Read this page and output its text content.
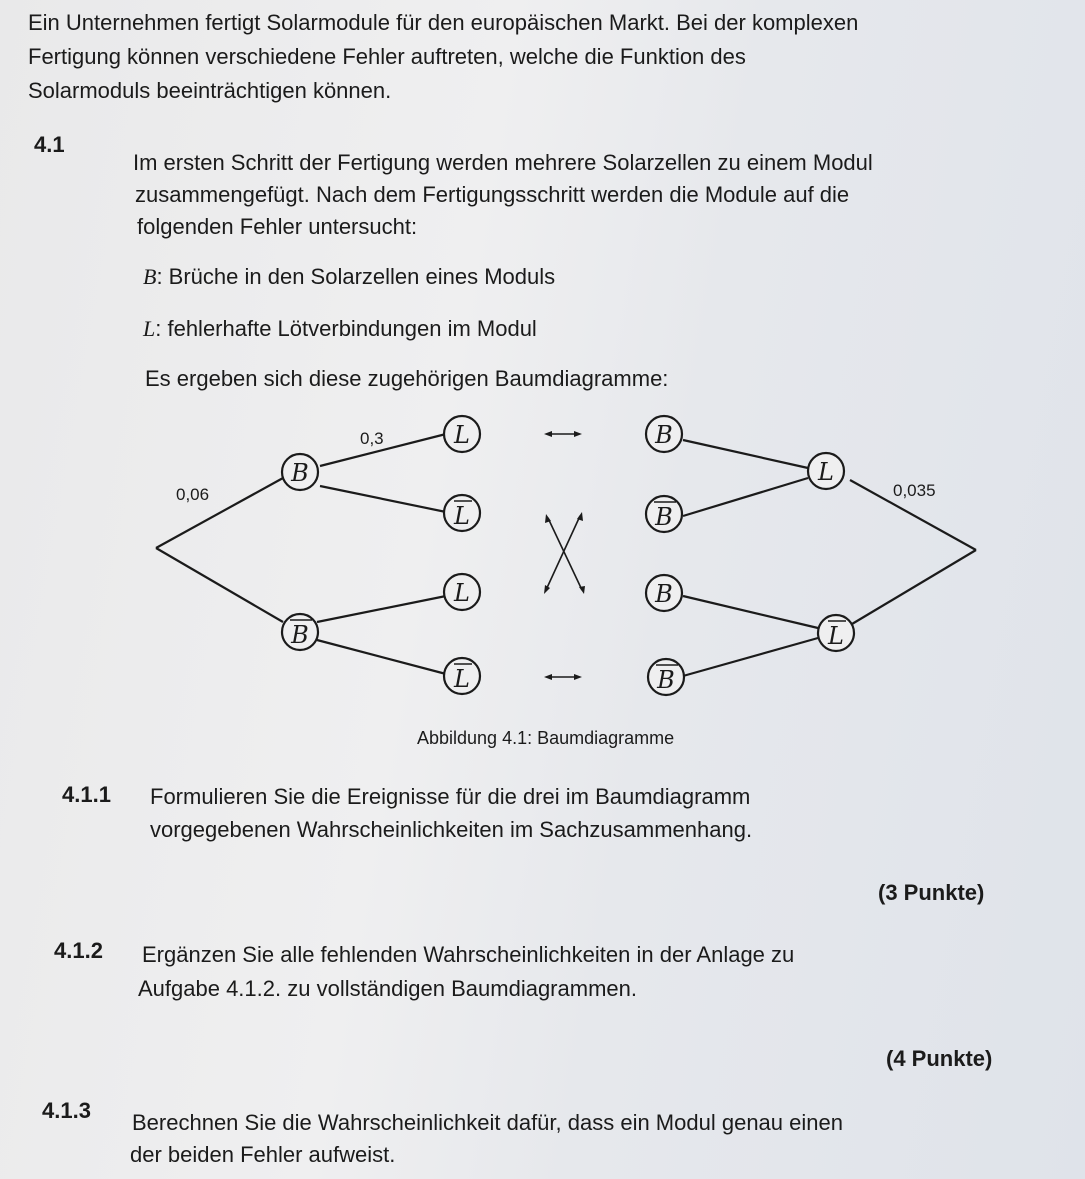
Ein Unternehmen fertigt Solarmodule für den europäischen Markt. Bei der komplexen
Fertigung können verschiedene Fehler auftreten, welche die Funktion des
Solarmoduls beeinträchtigen können.
4.1
Im ersten Schritt der Fertigung werden mehrere Solarzellen zu einem Modul
zusammengefügt. Nach dem Fertigungsschritt werden die Module auf die
folgenden Fehler untersucht:
B: Brüche in den Solarzellen eines Moduls
L: fehlerhafte Lötverbindungen im Modul
Es ergeben sich diese zugehörigen Baumdiagramme:
0,06
0,3
0,035
B
B
L
L
L
L
B
B
B
B
L
L
Abbildung 4.1: Baumdiagramme
4.1.1 Formulieren Sie die Ereignisse für die drei im Baumdiagramm
vorgegebenen Wahrscheinlichkeiten im Sachzusammenhang.
(3 Punkte)
4.1.2 Ergänzen Sie alle fehlenden Wahrscheinlichkeiten in der Anlage zu
Aufgabe 4.1.2. zu vollständigen Baumdiagrammen.
(4 Punkte)
4.1.3 Berechnen Sie die Wahrscheinlichkeit dafür, dass ein Modul genau einen
der beiden Fehler aufweist.
